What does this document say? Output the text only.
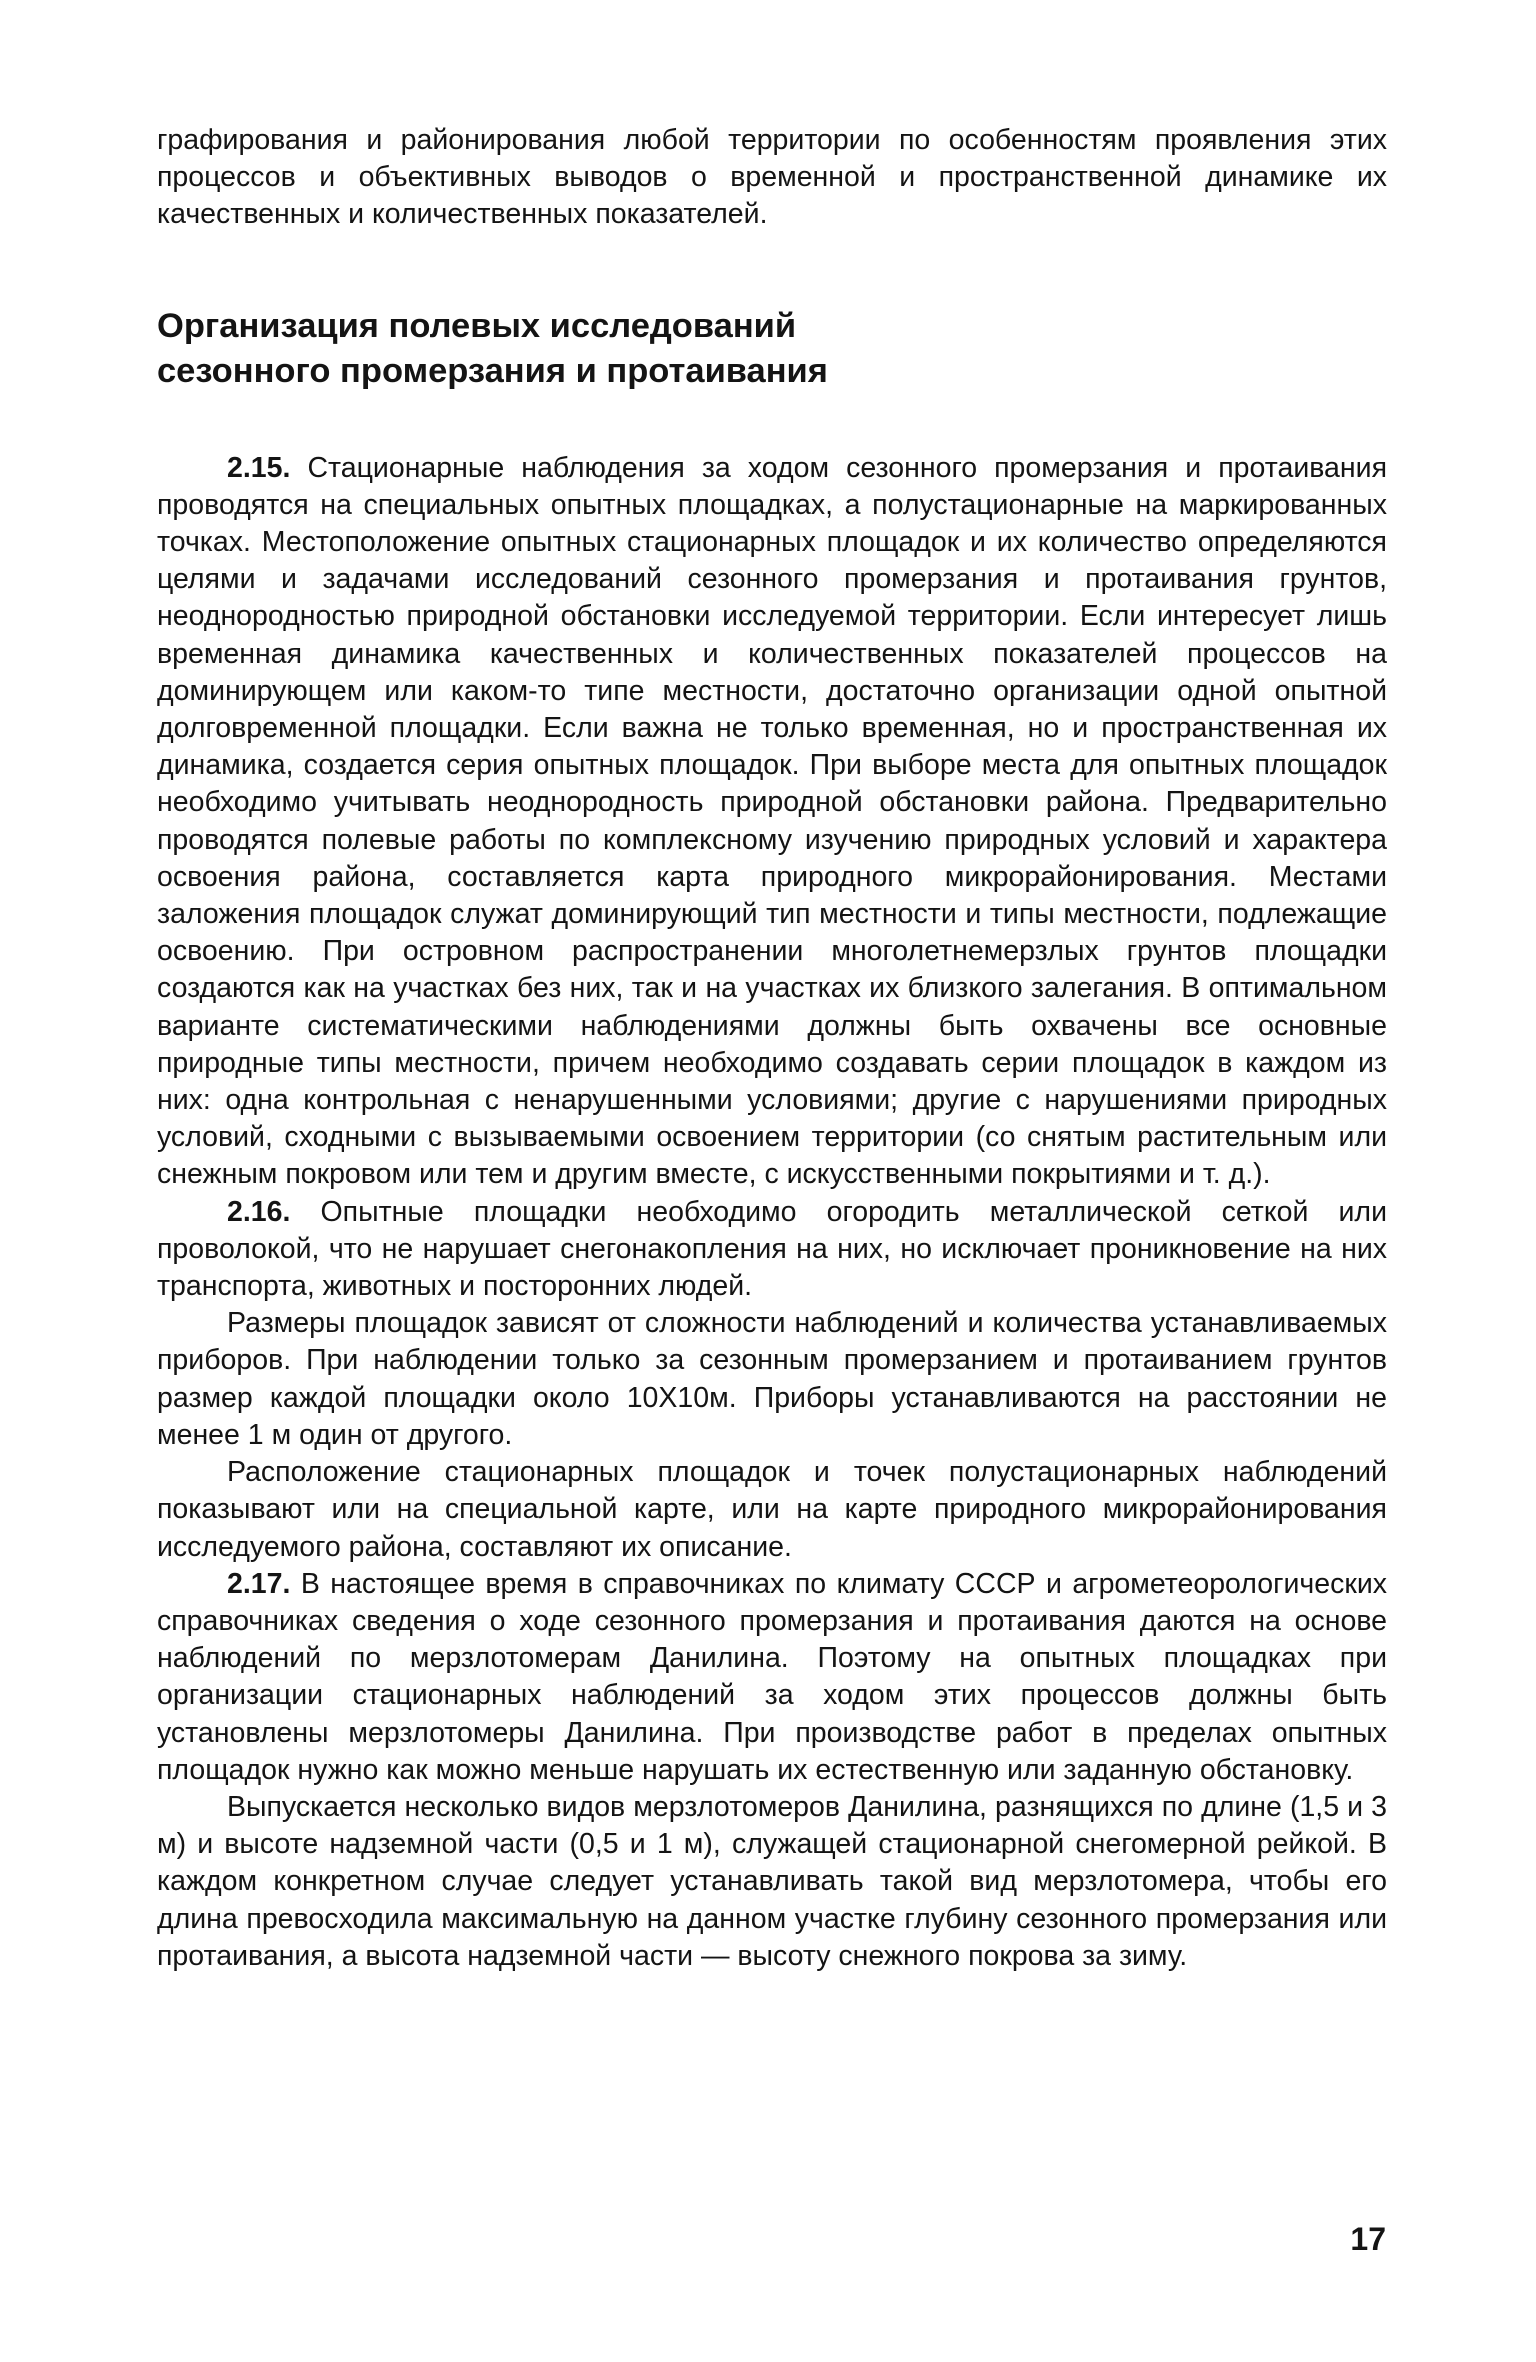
графирования и районирования любой территории по особенностям проявления этих процессов и объективных выводов о временной и пространственной динамике их качественных и количественных показателей.

Организация полевых исследований
сезонного промерзания и протаивания

2.15. Стационарные наблюдения за ходом сезонного промерзания и протаивания проводятся на специальных опытных площадках, а полустационарные на маркированных точках. Местоположение опытных стационарных площадок и их количество определяются целями и задачами исследований сезонного промерзания и протаивания грунтов, неоднородностью природной обстановки исследуемой территории. Если интересует лишь временная динамика качественных и количественных показателей процессов на доминирующем или каком-то типе местности, достаточно организации одной опытной долговременной площадки. Если важна не только временная, но и пространственная их динамика, создается серия опытных площадок. При выборе места для опытных площадок необходимо учитывать неоднородность природной обстановки района. Предварительно проводятся полевые работы по комплексному изучению природных условий и характера освоения района, составляется карта природного микрорайонирования. Местами заложения площадок служат доминирующий тип местности и типы местности, подлежащие освоению. При островном распространении многолетнемерзлых грунтов площадки создаются как на участках без них, так и на участках их близкого залегания. В оптимальном варианте систематическими наблюдениями должны быть охвачены все основные природные типы местности, причем необходимо создавать серии площадок в каждом из них: одна контрольная с ненарушенными условиями; другие с нарушениями природных условий, сходными с вызываемыми освоением территории (со снятым растительным или снежным покровом или тем и другим вместе, с искусственными покрытиями и т. д.).

2.16. Опытные площадки необходимо огородить металлической сеткой или проволокой, что не нарушает снегонакопления на них, но исключает проникновение на них транспорта, животных и посторонних людей.

Размеры площадок зависят от сложности наблюдений и количества устанавливаемых приборов. При наблюдении только за сезонным промерзанием и протаиванием грунтов размер каждой площадки около 10Х10м. Приборы устанавливаются на расстоянии не менее 1 м один от другого.

Расположение стационарных площадок и точек полустационарных наблюдений показывают или на специальной карте, или на карте природного микрорайонирования исследуемого района, составляют их описание.

2.17. В настоящее время в справочниках по климату СССР и агрометеорологических справочниках сведения о ходе сезонного промерзания и протаивания даются на основе наблюдений по мерзлотомерам Данилина. Поэтому на опытных площадках при организации стационарных наблюдений за ходом этих процессов должны быть установлены мерзлотомеры Данилина. При производстве работ в пределах опытных площадок нужно как можно меньше нарушать их естественную или заданную обстановку.

Выпускается несколько видов мерзлотомеров Данилина, разнящихся по длине (1,5 и 3 м) и высоте надземной части (0,5 и 1 м), служащей стационарной снегомерной рейкой. В каждом конкретном случае следует устанавливать такой вид мерзлотомера, чтобы его длина превосходила максимальную на данном участке глубину сезонного промерзания или протаивания, а высота надземной части — высоту снежного покрова за зиму.

17
